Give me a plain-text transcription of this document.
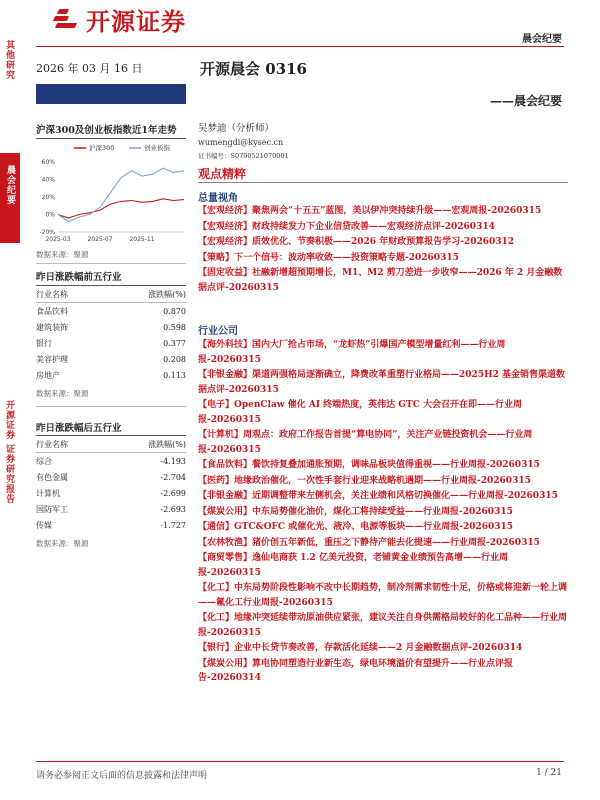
开源证券
晨会纪要
其他研究
晨会纪要
开源证券 证券研究报告
2026 年 03 月 16 日
沪深300及创业板指数近1年走势
沪深300	创业板指
-20%
0%
20%
40%
60%
2025-03	2025-07	2025-11
数据来源：聚源
昨日涨跌幅前五行业
行业名称	涨跌幅(%)
食品饮料	0.870
建筑装饰	0.598
银行	0.377
美容护理	0.208
房地产	0.113
数据来源：聚源
昨日涨跌幅后五行业
行业名称	涨跌幅(%)
综合	-4.193
有色金属	-2.704
计算机	-2.699
国防军工	-2.693
传媒	-1.727
数据来源：聚源
开源晨会 0316
——晨会纪要
吴梦迪（分析师）
wumengdi@kysec.cn
证书编号：S0790521070001
观点精粹
总量视角
【宏观经济】聚焦两会“十五五”蓝图，美以伊冲突持续升级——宏观周报-20260315
【宏观经济】财政持续发力下企业信贷改善——宏观经济点评-20260314
【宏观经济】质效优化、节奏积极——2026 年财政预算报告学习-20260312
【策略】下一个信号：波动率收敛——投资策略专题-20260315
【固定收益】社融新增超预期增长，M1、M2 剪刀差进一步收窄——2026 年 2 月金融数据点评-20260315
行业公司
【海外科技】国内大厂抢占市场，“龙虾热”引爆国产模型增量红利——行业周报-20260315
【非银金融】渠道两强格局逐渐确立，降费改革重塑行业格局——2025H2 基金销售渠道数据点评-20260315
【电子】OpenClaw 催化 AI 终端热度，英伟达 GTC 大会召开在即——行业周报-20260315
【计算机】周观点：政府工作报告首提“算电协同”，关注产业链投资机会——行业周报-20260315
【食品饮料】餐饮持复叠加通胀预期，调味品板块值得重视——行业周报-20260315
【医药】地缘政治催化，一次性手套行业迎来战略机遇期——行业周报-20260315
【非银金融】近期调整带来左侧机会，关注业绩和风格切换催化——行业周报-20260315
【煤炭公用】中东局势催化油价，煤化工将持续受益——行业周报-20260315
【通信】GTC&OFC 或催化光、液冷、电源等板块——行业周报-20260315
【农林牧渔】猪价创五年新低，重压之下静待产能去化提速——行业周报-20260315
【商贸零售】逸仙电商获 1.2 亿美元投资，老铺黄金业绩预告高增——行业周报-20260315
【化工】中东局势阶段性影响不改中长期趋势，制冷剂需求韧性十足，价格或将迎新一轮上调——氟化工行业周报-20260315
【化工】地缘冲突延续带动原油供应紧张，建议关注自身供需格局较好的化工品种——行业周报-20260315
【银行】企业中长贷节奏改善，存款活化延续——2 月金融数据点评-20260314
【煤炭公用】算电协同塑造行业新生态，绿电环境溢价有望提升——行业点评报告-20260314
请务必参阅正文后面的信息披露和法律声明	1 / 21
